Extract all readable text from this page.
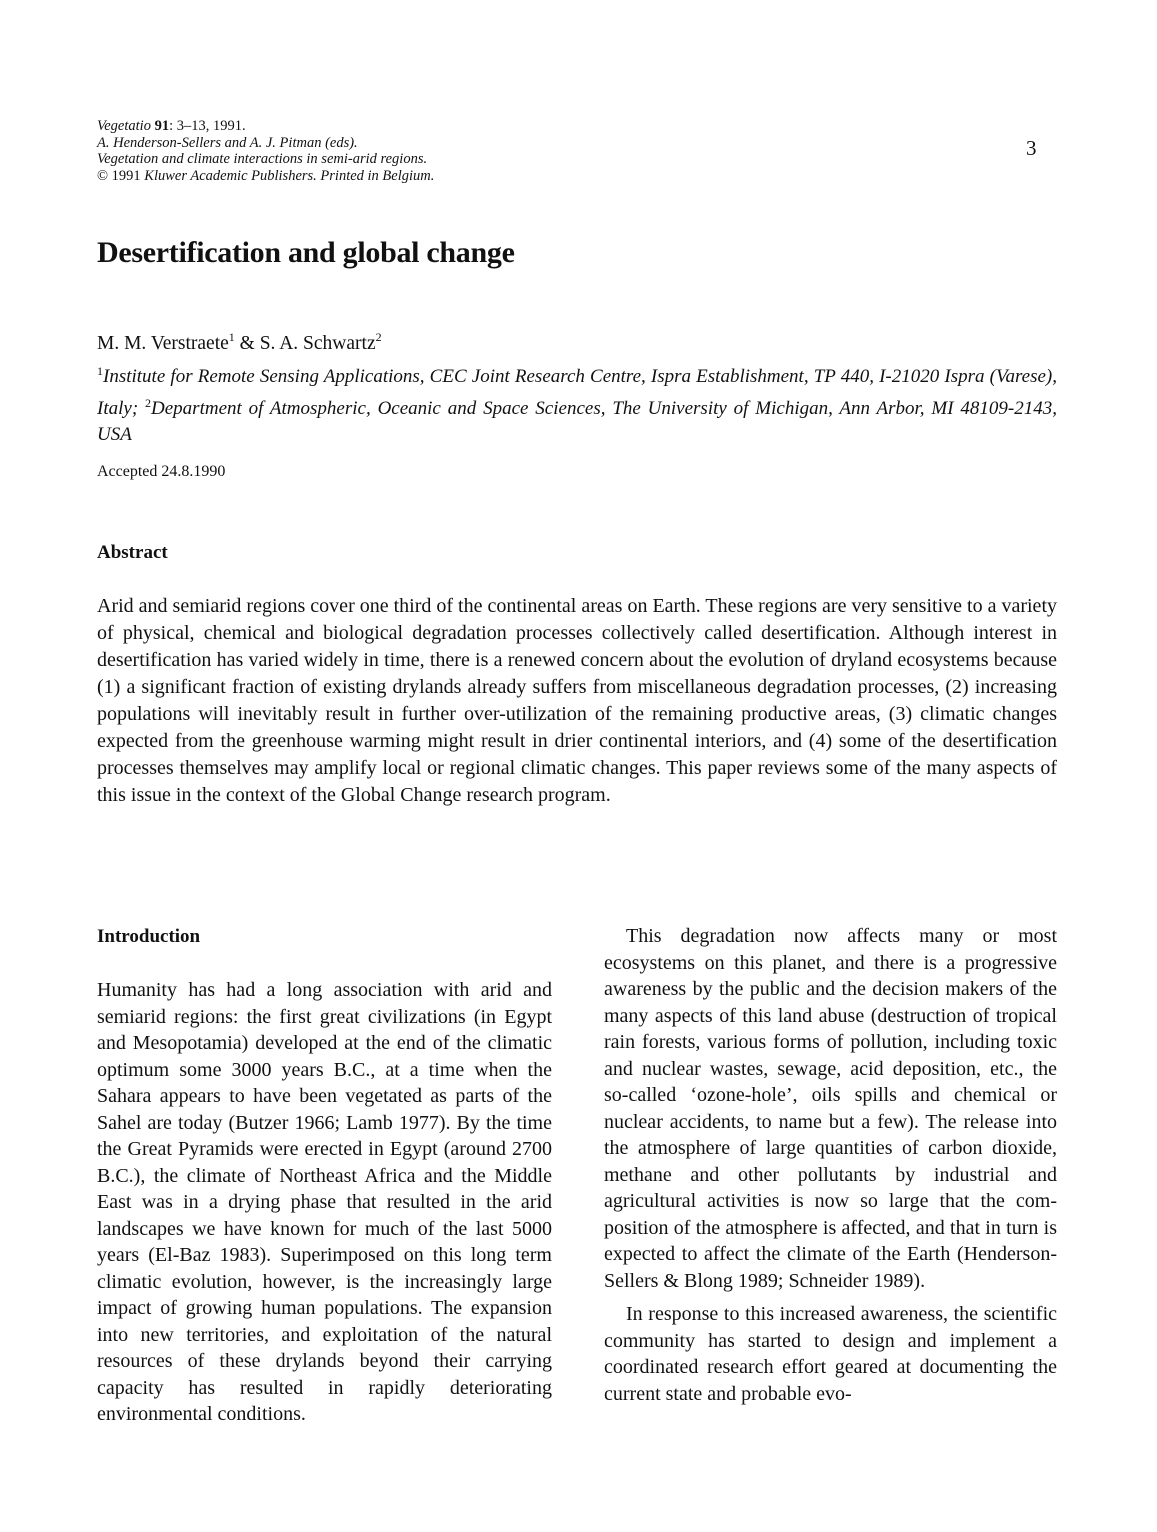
Vegetatio 91: 3–13, 1991.
A. Henderson-Sellers and A. J. Pitman (eds).
Vegetation and climate interactions in semi-arid regions.
© 1991 Kluwer Academic Publishers. Printed in Belgium.
3
Desertification and global change
M. M. Verstraete$^1$ & S. A. Schwartz$^2$
$^1$Institute for Remote Sensing Applications, CEC Joint Research Centre, Ispra Establishment, TP 440, I-21020 Ispra (Varese), Italy; $^2$Department of Atmospheric, Oceanic and Space Sciences, The University of Michigan, Ann Arbor, MI 48109-2143, USA
Accepted 24.8.1990
Abstract

Arid and semiarid regions cover one third of the continental areas on Earth. These regions are very sensitive to a variety of physical, chemical and biological degradation processes collectively called desertification. Although interest in desertification has varied widely in time, there is a renewed concern about the evolution of dryland ecosystems because (1) a significant fraction of existing drylands already suffers from miscellaneous degradation processes, (2) increasing populations will inevitably result in further over-utilization of the remaining productive areas, (3) climatic changes expected from the greenhouse warming might result in drier continental interiors, and (4) some of the desertification processes themselves may amplify local or regional climatic changes. This paper reviews some of the many aspects of this issue in the context of the Global Change research program.

Introduction

Humanity has had a long association with arid and semiarid regions: the first great civilizations (in Egypt and Mesopotamia) developed at the end of the climatic optimum some 3000 years B.C., at a time when the Sahara appears to have been vegetated as parts of the Sahel are today (Butzer 1966; Lamb 1977). By the time the Great Pyramids were erected in Egypt (around 2700 B.C.), the climate of Northeast Africa and the Middle East was in a drying phase that resulted in the arid landscapes we have known for much of the last 5000 years (El-Baz 1983). Superimposed on this long term climatic evolution, however, is the increasingly large impact of growing human populations. The expansion into new territories, and exploitation of the natural resources of these drylands beyond their carrying capacity has resulted in rapidly deteriorating environmental conditions.

This degradation now affects many or most ecosystems on this planet, and there is a progressive awareness by the public and the decision makers of the many aspects of this land abuse (destruction of tropical rain forests, various forms of pollution, including toxic and nuclear wastes, sewage, acid deposition, etc., the so-called ‘ozone-hole’, oils spills and chemical or nuclear accidents, to name but a few). The release into the atmosphere of large quantities of carbon dioxide, methane and other pollutants by industrial and agricultural activities is now so large that the composition of the atmosphere is affected, and that in turn is expected to affect the climate of the Earth (Henderson-Sellers & Blong 1989; Schneider 1989).

In response to this increased awareness, the scientific community has started to design and implement a coordinated research effort geared at documenting the current state and probable evo-
